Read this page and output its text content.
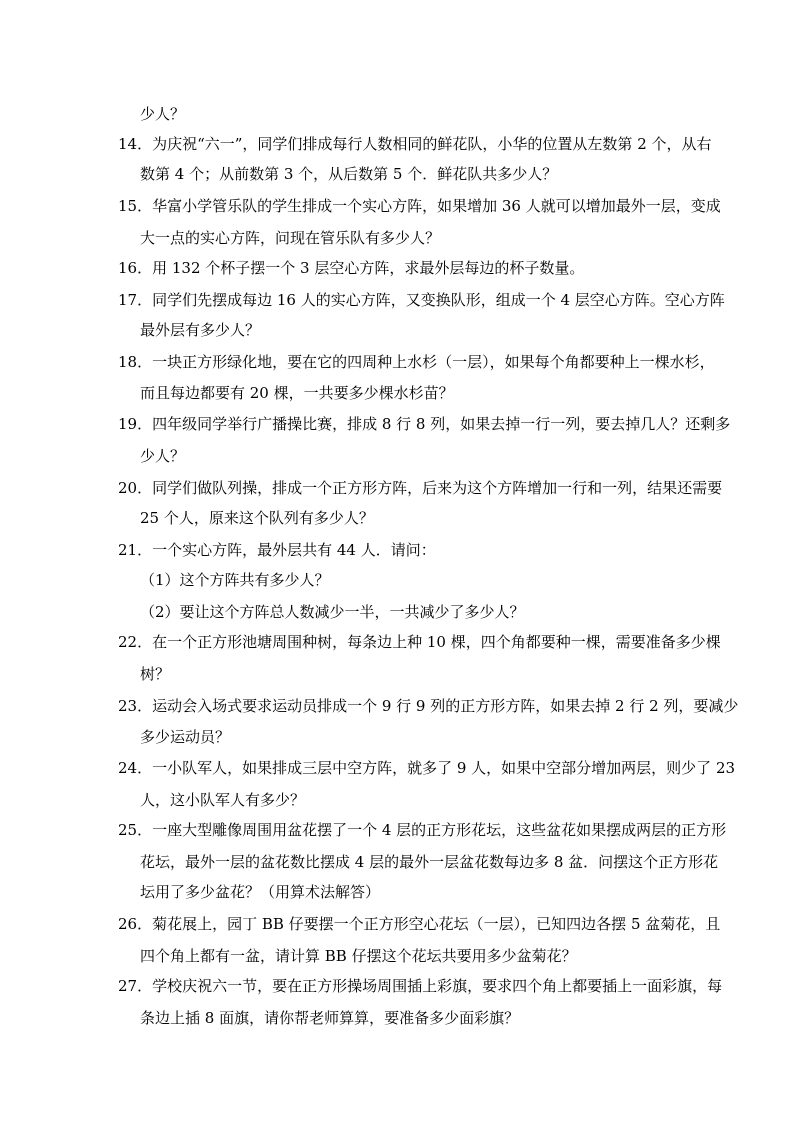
少人？
14．为庆祝“六一”，同学们排成每行人数相同的鲜花队，小华的位置从左数第 2 个，从右
数第 4 个；从前数第 3 个，从后数第 5 个．鲜花队共多少人？
15．华富小学管乐队的学生排成一个实心方阵，如果增加 36 人就可以增加最外一层，变成
大一点的实心方阵，问现在管乐队有多少人？
16．用 132 个杯子摆一个 3 层空心方阵，求最外层每边的杯子数量。
17．同学们先摆成每边 16 人的实心方阵，又变换队形，组成一个 4 层空心方阵。空心方阵
最外层有多少人？
18．一块正方形绿化地，要在它的四周种上水杉（一层），如果每个角都要种上一棵水杉，
而且每边都要有 20 棵，一共要多少棵水杉苗？
19．四年级同学举行广播操比赛，排成 8 行 8 列，如果去掉一行一列，要去掉几人？还剩多
少人？
20．同学们做队列操，排成一个正方形方阵，后来为这个方阵增加一行和一列，结果还需要
25 个人，原来这个队列有多少人？
21．一个实心方阵，最外层共有 44 人．请问：
（1）这个方阵共有多少人？
（2）要让这个方阵总人数减少一半，一共减少了多少人？
22．在一个正方形池塘周围种树，每条边上种 10 棵，四个角都要种一棵，需要准备多少棵
树？
23．运动会入场式要求运动员排成一个 9 行 9 列的正方形方阵，如果去掉 2 行 2 列，要减少
多少运动员？
24．一小队军人，如果排成三层中空方阵，就多了 9 人，如果中空部分增加两层，则少了 23
人，这小队军人有多少？
25．一座大型雕像周围用盆花摆了一个 4 层的正方形花坛，这些盆花如果摆成两层的正方形
花坛，最外一层的盆花数比摆成 4 层的最外一层盆花数每边多 8 盆．问摆这个正方形花
坛用了多少盆花？（用算术法解答）
26．菊花展上，园丁 BB 仔要摆一个正方形空心花坛（一层），已知四边各摆 5 盆菊花，且
四个角上都有一盆，请计算 BB 仔摆这个花坛共要用多少盆菊花？
27．学校庆祝六一节，要在正方形操场周围插上彩旗，要求四个角上都要插上一面彩旗，每
条边上插 8 面旗，请你帮老师算算，要准备多少面彩旗？
